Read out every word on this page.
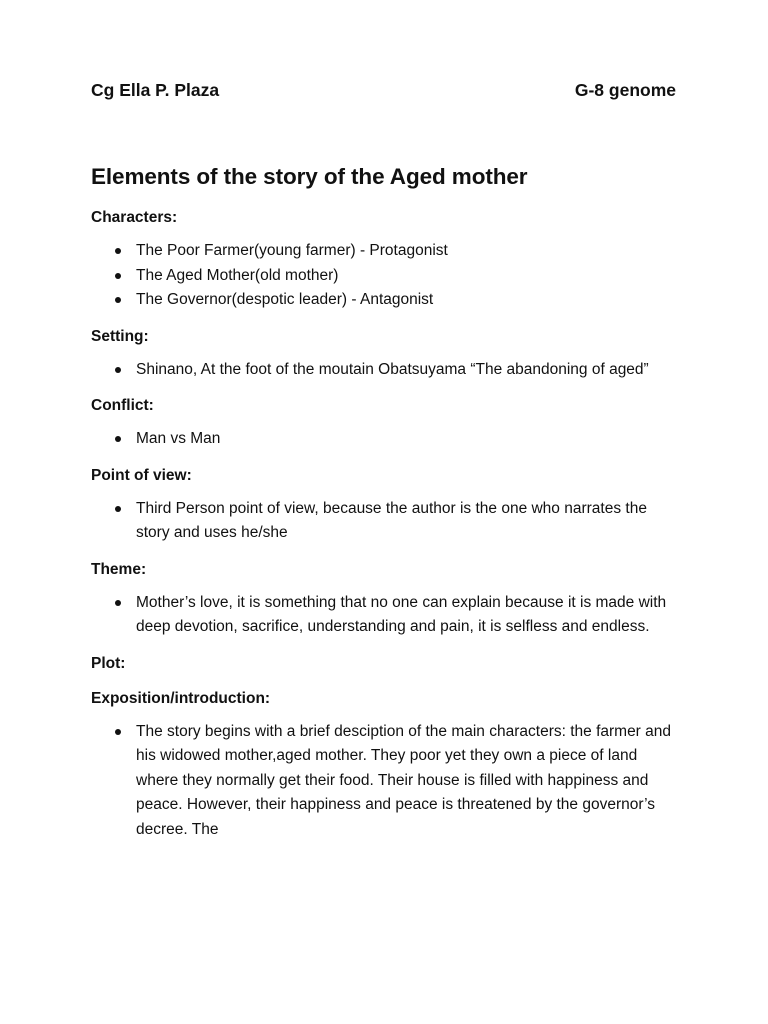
Cg Ella P. Plaza	G-8 genome
Elements of the story of the Aged mother

Characters:

The Poor Farmer(young farmer) - Protagonist
The Aged Mother(old mother)
The Governor(despotic leader) - Antagonist

Setting:

Shinano, At the foot of the moutain Obatsuyama “The abandoning of aged”

Conflict:

Man vs Man

Point of view:

Third Person point of view, because the author is the one who narrates the story and uses he/she

Theme:

Mother’s love, it is something that no one can explain because it is made with deep devotion, sacrifice, understanding and pain, it is selfless and endless.

Plot:

Exposition/introduction:

The story begins with a brief desciption of the main characters: the farmer and his widowed mother,aged mother. They poor yet they own a piece of land where they normally get their food. Their house is filled with happiness and peace. However, their happiness and peace is threatened by the governor’s decree. The
